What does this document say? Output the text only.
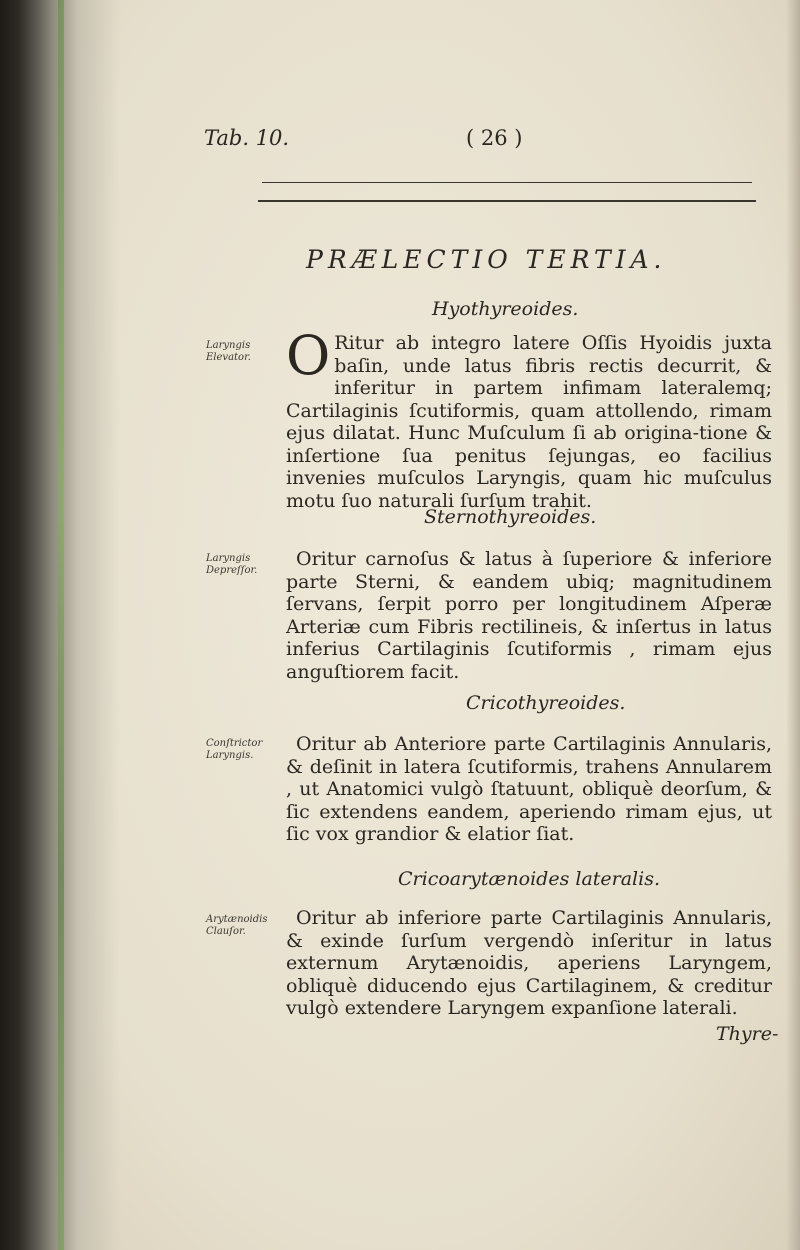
Tab. 10.	( 26 )
PRÆLECTIO TERTIA.
Hyothyreoides.
Laryngis Elevator. O Ritur ab integro latere Oſſis Hyoidis juxta baſin, unde latus fibris rectis decurrit, & inferitur in partem infimam lateralemq; Cartilaginis ſcutiformis, quam attollendo, rimam ejus dilatat. Hunc Muſculum ſi ab origina-tione & inſertione ſua penitus ſejungas, eo facilius invenies muſculos Laryngis, quam hic muſculus motu ſuo naturali ſurſum trahit.

Sternothyreoides.
Laryngis Depreſſor.

Oritur carnoſus & latus à ſuperiore & inferiore parte Sterni, & eandem ubiq; magnitudinem ſervans, ſerpit porro per longitudinem Aſperæ Arteriæ cum Fibris rectilineis, & inſertus in latus inferius Cartilaginis ſcutiformis , rimam ejus anguſtiorem facit.

Cricothyreoides.
Conſtrictor Laryngis.

Oritur ab Anteriore parte Cartilaginis Annularis, & deſinit in latera ſcutiformis, trahens Annularem , ut Anatomici vulgò ſtatuunt, obliquè deorſum, & ſic extendens eandem, aperiendo rimam ejus, ut ſic vox grandior & elatior ſiat.

Cricoarytænoides lateralis.
Arytænoidis Clauſor.

Oritur ab inferiore parte Cartilaginis Annularis, & exinde ſurſum vergendò inſeritur in latus externum Arytænoidis, aperiens Laryngem, obliquè diducendo ejus Cartilaginem, & creditur vulgò extendere Laryngem expanſione laterali.

Thyre-
